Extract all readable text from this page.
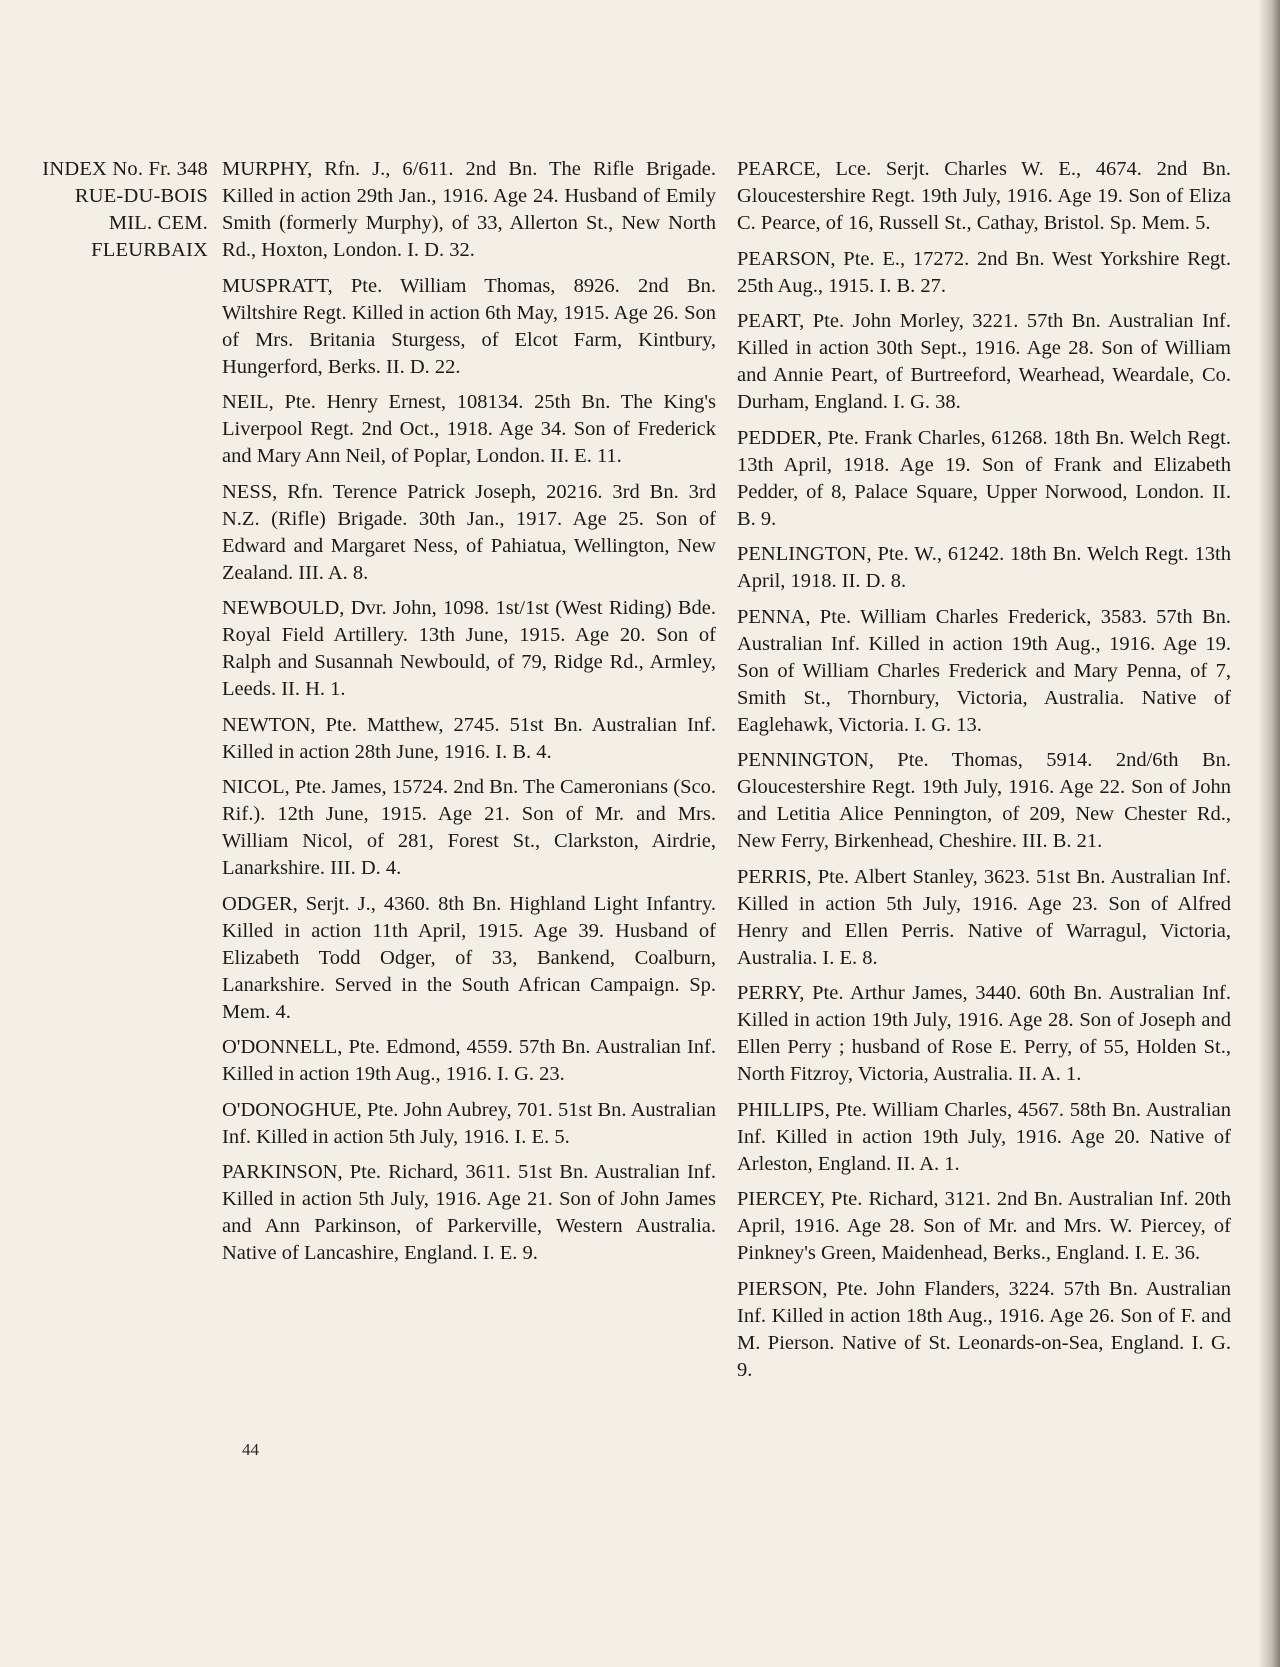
INDEX No. Fr. 348
RUE-DU-BOIS
MIL. CEM.
FLEURBAIX

MURPHY, Rfn. J., 6/611. 2nd Bn. The Rifle Brigade. Killed in action 29th Jan., 1916. Age 24. Husband of Emily Smith (formerly Murphy), of 33, Allerton St., New North Rd., Hoxton, London. I. D. 32.

MUSPRATT, Pte. William Thomas, 8926. 2nd Bn. Wiltshire Regt. Killed in action 6th May, 1915. Age 26. Son of Mrs. Britania Sturgess, of Elcot Farm, Kintbury, Hungerford, Berks. II. D. 22.

NEIL, Pte. Henry Ernest, 108134. 25th Bn. The King's Liverpool Regt. 2nd Oct., 1918. Age 34. Son of Frederick and Mary Ann Neil, of Poplar, London. II. E. 11.

NESS, Rfn. Terence Patrick Joseph, 20216. 3rd Bn. 3rd N.Z. (Rifle) Brigade. 30th Jan., 1917. Age 25. Son of Edward and Margaret Ness, of Pahiatua, Wellington, New Zealand. III. A. 8.

NEWBOULD, Dvr. John, 1098. 1st/1st (West Riding) Bde. Royal Field Artillery. 13th June, 1915. Age 20. Son of Ralph and Susannah Newbould, of 79, Ridge Rd., Armley, Leeds. II. H. 1.

NEWTON, Pte. Matthew, 2745. 51st Bn. Australian Inf. Killed in action 28th June, 1916. I. B. 4.

NICOL, Pte. James, 15724. 2nd Bn. The Cameronians (Sco. Rif.). 12th June, 1915. Age 21. Son of Mr. and Mrs. William Nicol, of 281, Forest St., Clarkston, Airdrie, Lanarkshire. III. D. 4.

ODGER, Serjt. J., 4360. 8th Bn. Highland Light Infantry. Killed in action 11th April, 1915. Age 39. Husband of Elizabeth Todd Odger, of 33, Bankend, Coalburn, Lanarkshire. Served in the South African Campaign. Sp. Mem. 4.

O'DONNELL, Pte. Edmond, 4559. 57th Bn. Australian Inf. Killed in action 19th Aug., 1916. I. G. 23.

O'DONOGHUE, Pte. John Aubrey, 701. 51st Bn. Australian Inf. Killed in action 5th July, 1916. I. E. 5.

PARKINSON, Pte. Richard, 3611. 51st Bn. Australian Inf. Killed in action 5th July, 1916. Age 21. Son of John James and Ann Parkinson, of Parkerville, Western Australia. Native of Lancashire, England. I. E. 9.

PEARCE, Lce. Serjt. Charles W. E., 4674. 2nd Bn. Gloucestershire Regt. 19th July, 1916. Age 19. Son of Eliza C. Pearce, of 16, Russell St., Cathay, Bristol. Sp. Mem. 5.

PEARSON, Pte. E., 17272. 2nd Bn. West Yorkshire Regt. 25th Aug., 1915. I. B. 27.

PEART, Pte. John Morley, 3221. 57th Bn. Australian Inf. Killed in action 30th Sept., 1916. Age 28. Son of William and Annie Peart, of Burtreeford, Wearhead, Weardale, Co. Durham, England. I. G. 38.

PEDDER, Pte. Frank Charles, 61268. 18th Bn. Welch Regt. 13th April, 1918. Age 19. Son of Frank and Elizabeth Pedder, of 8, Palace Square, Upper Norwood, London. II. B. 9.

PENLINGTON, Pte. W., 61242. 18th Bn. Welch Regt. 13th April, 1918. II. D. 8.

PENNA, Pte. William Charles Frederick, 3583. 57th Bn. Australian Inf. Killed in action 19th Aug., 1916. Age 19. Son of William Charles Frederick and Mary Penna, of 7, Smith St., Thornbury, Victoria, Australia. Native of Eaglehawk, Victoria. I. G. 13.

PENNINGTON, Pte. Thomas, 5914. 2nd/6th Bn. Gloucestershire Regt. 19th July, 1916. Age 22. Son of John and Letitia Alice Pennington, of 209, New Chester Rd., New Ferry, Birkenhead, Cheshire. III. B. 21.

PERRIS, Pte. Albert Stanley, 3623. 51st Bn. Australian Inf. Killed in action 5th July, 1916. Age 23. Son of Alfred Henry and Ellen Perris. Native of Warragul, Victoria, Australia. I. E. 8.

PERRY, Pte. Arthur James, 3440. 60th Bn. Australian Inf. Killed in action 19th July, 1916. Age 28. Son of Joseph and Ellen Perry ; husband of Rose E. Perry, of 55, Holden St., North Fitzroy, Victoria, Australia. II. A. 1.

PHILLIPS, Pte. William Charles, 4567. 58th Bn. Australian Inf. Killed in action 19th July, 1916. Age 20. Native of Arleston, England. II. A. 1.

PIERCEY, Pte. Richard, 3121. 2nd Bn. Australian Inf. 20th April, 1916. Age 28. Son of Mr. and Mrs. W. Piercey, of Pinkney's Green, Maidenhead, Berks., England. I. E. 36.

PIERSON, Pte. John Flanders, 3224. 57th Bn. Australian Inf. Killed in action 18th Aug., 1916. Age 26. Son of F. and M. Pierson. Native of St. Leonards-on-Sea, England. I. G. 9.

44
